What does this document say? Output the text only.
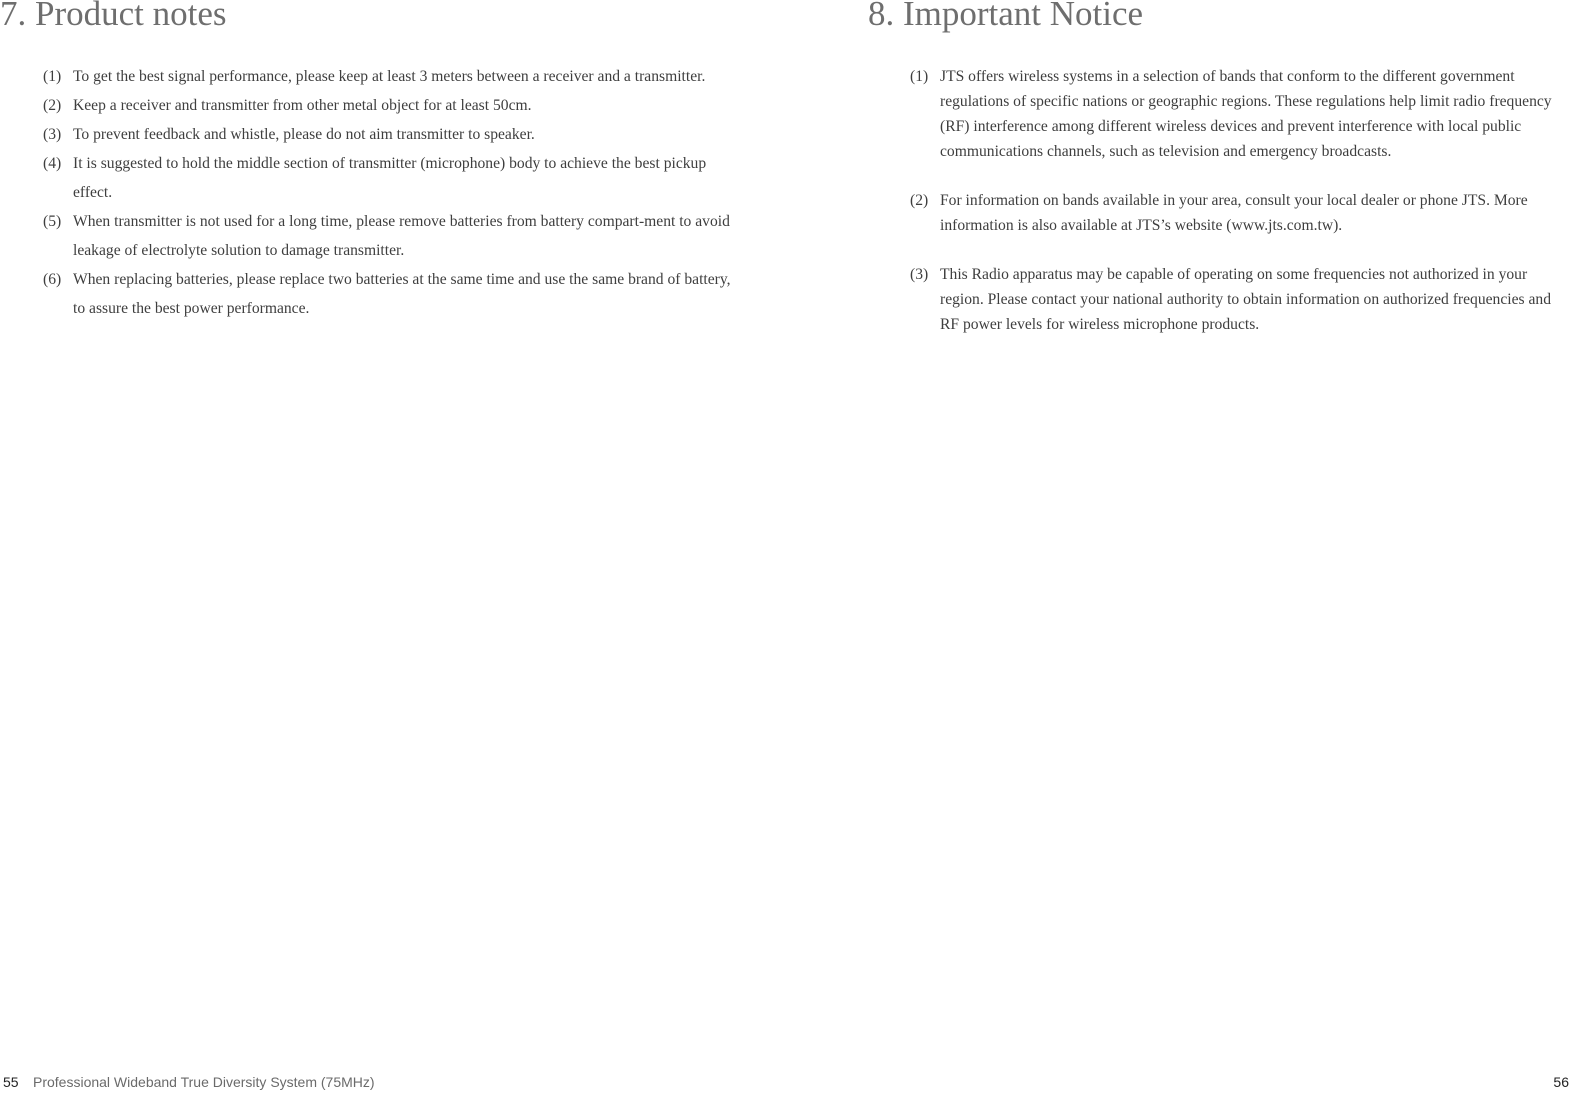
7. Product notes
(1) To get the best signal performance, please keep at least 3 meters between a receiver and a transmitter.
(2) Keep a receiver and transmitter from other metal object for at least 50cm.
(3) To prevent feedback and whistle, please do not aim transmitter to speaker.
(4) It is suggested to hold the middle section of transmitter (microphone) body to achieve the best pickup effect.
(5) When transmitter is not used for a long time, please remove batteries from battery compart-ment to avoid leakage of electrolyte solution to damage transmitter.
(6) When replacing batteries, please replace two batteries at the same time and use the same brand of battery, to assure the best power performance.
55 Professional Wideband True Diversity System (75MHz)
8. Important Notice
(1) JTS offers wireless systems in a selection of bands that conform to the different government regulations of specific nations or geographic regions. These regulations help limit radio frequency (RF) interference among different wireless devices and prevent interference with local public communications channels, such as television and emergency broadcasts.
(2) For information on bands available in your area, consult your local dealer or phone JTS. More information is also available at JTS’s website (www.jts.com.tw).
(3) This Radio apparatus may be capable of operating on some frequencies not authorized in your region. Please contact your national authority to obtain information on authorized frequencies and RF power levels for wireless microphone products.
56
